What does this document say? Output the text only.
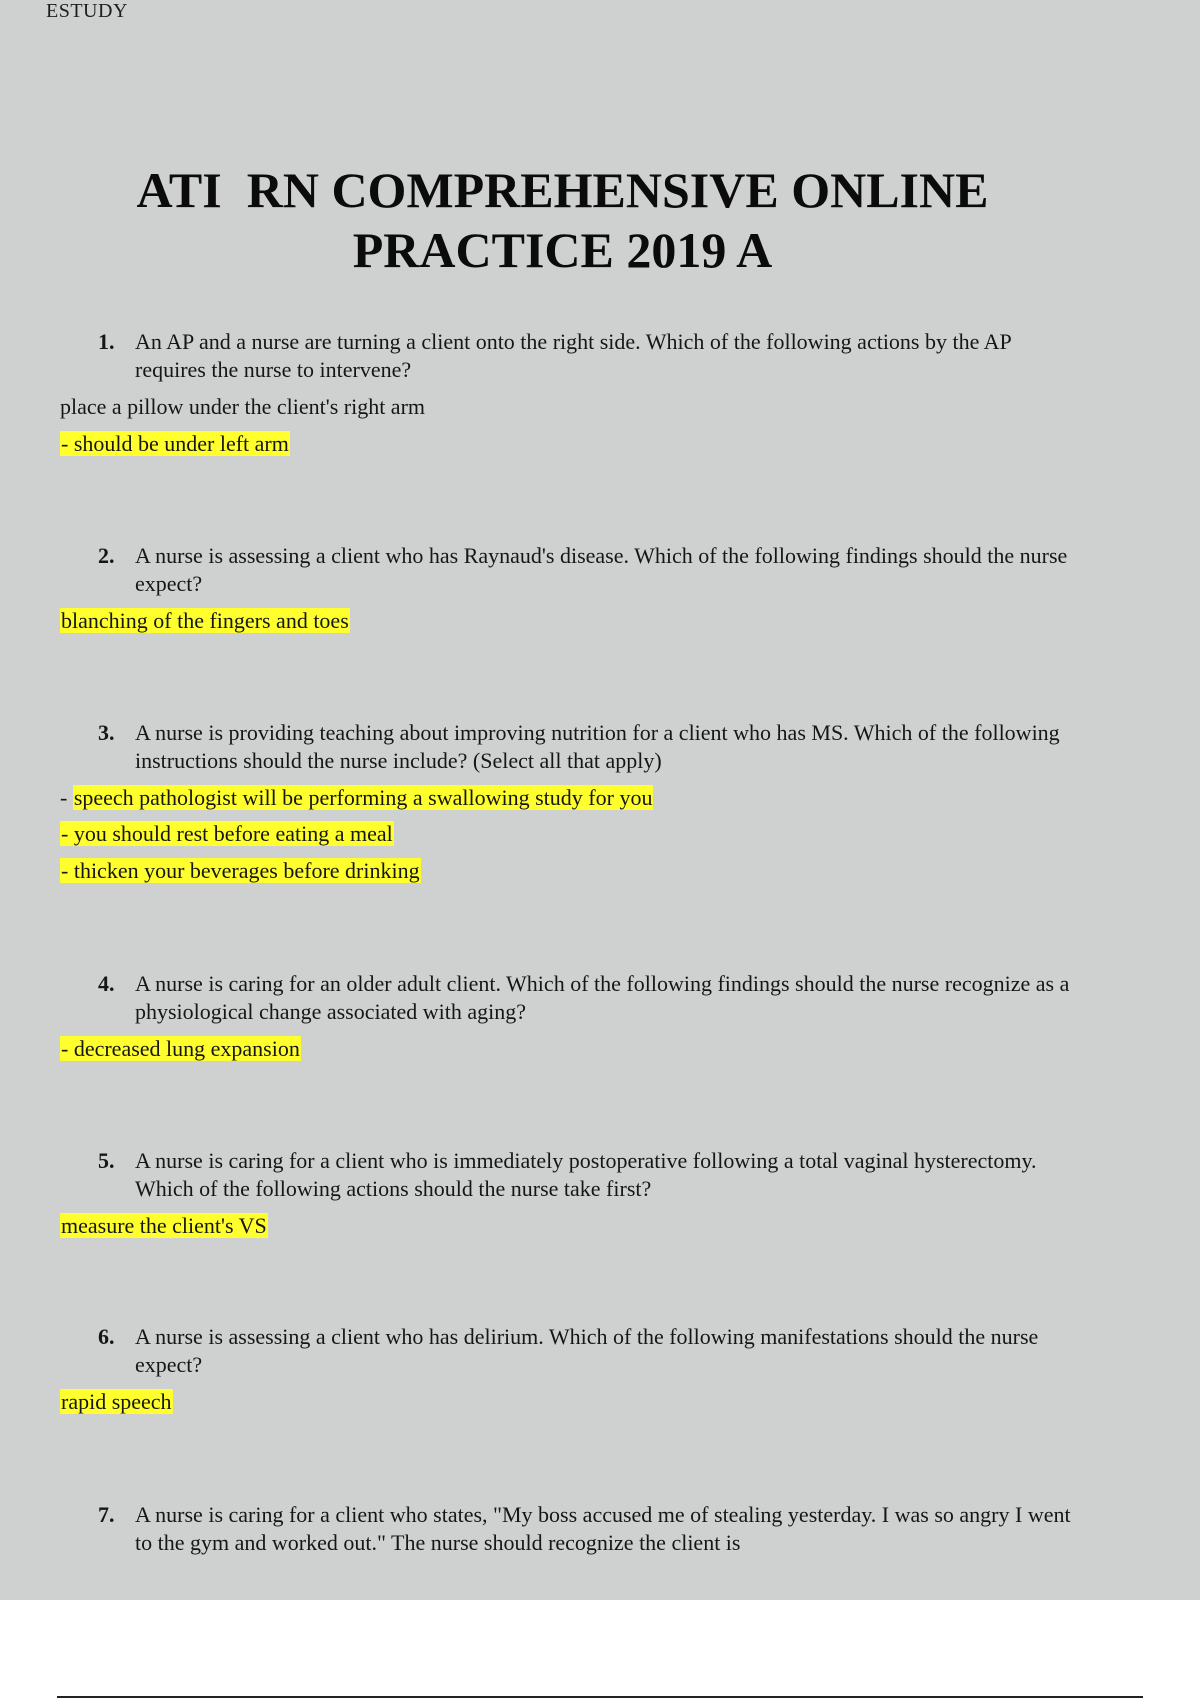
ESTUDY
ATI  RN COMPREHENSIVE ONLINE
PRACTICE 2019 A
1. An AP and a nurse are turning a client onto the right side. Which of the following actions by the AP requires the nurse to intervene?
place a pillow under the client's right arm
- should be under left arm
2. A nurse is assessing a client who has Raynaud's disease. Which of the following findings should the nurse expect?
blanching of the fingers and toes
3. A nurse is providing teaching about improving nutrition for a client who has MS. Which of the following instructions should the nurse include? (Select all that apply)
- speech pathologist will be performing a swallowing study for you
- you should rest before eating a meal
- thicken your beverages before drinking
4. A nurse is caring for an older adult client. Which of the following findings should the nurse recognize as a physiological change associated with aging?
- decreased lung expansion
5. A nurse is caring for a client who is immediately postoperative following a total vaginal hysterectomy. Which of the following actions should the nurse take first?
measure the client's VS
6. A nurse is assessing a client who has delirium. Which of the following manifestations should the nurse expect?
rapid speech
7. A nurse is caring for a client who states, "My boss accused me of stealing yesterday. I was so angry I went to the gym and worked out." The nurse should recognize the client is
